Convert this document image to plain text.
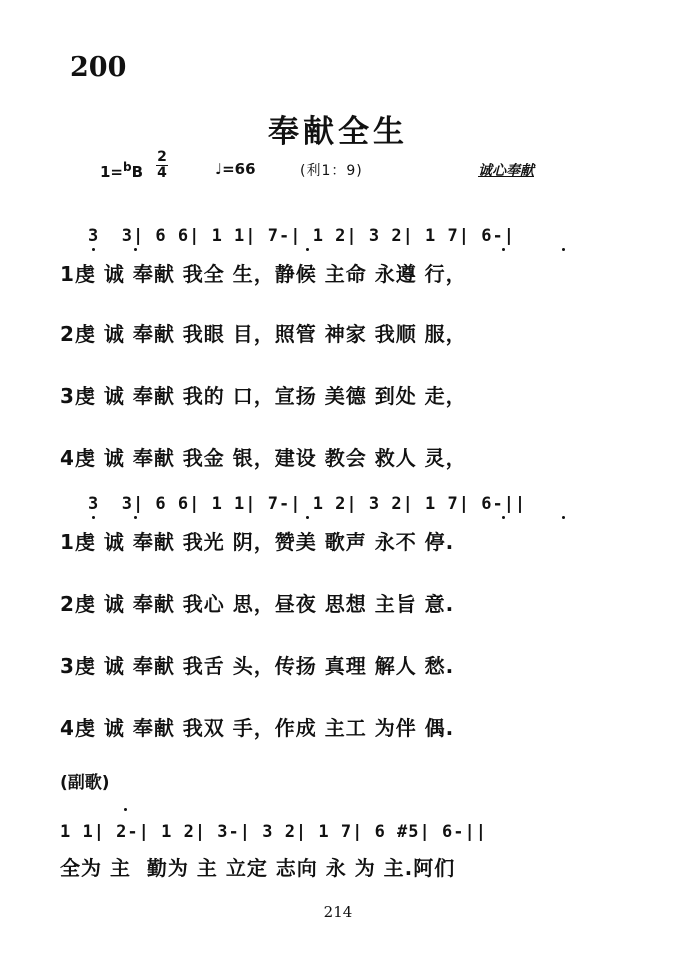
200
奉献全生
1=$^b$B
2
4	♩=66	(利1：9)	诚心奉献
3  3| 6 6| 1 1| 7-| 1 2| 3 2| 1 7| 6-|
1虔 诚 奉献 我全 生，静候 主命 永遵 行，
2虔 诚 奉献 我眼 目，照管 神家 我顺 服，
3虔 诚 奉献 我的 口，宣扬 美德 到处 走，
4虔 诚 奉献 我金 银，建设 教会 救人 灵，
3  3| 6 6| 1 1| 7-| 1 2| 3 2| 1 7| 6-||
1虔 诚 奉献 我光 阴，赞美 歌声 永不 停.
2虔 诚 奉献 我心 思，昼夜 思想 主旨 意.
3虔 诚 奉献 我舌 头，传扬 真理 解人 愁.
4虔 诚 奉献 我双 手，作成 主工 为伴 偶.
(副歌)
1 1| 2-| 1 2| 3-| 3 2| 1 7| 6 #5| 6-||
全为 主  勤为 主 立定 志向 永 为 主.阿们
214
